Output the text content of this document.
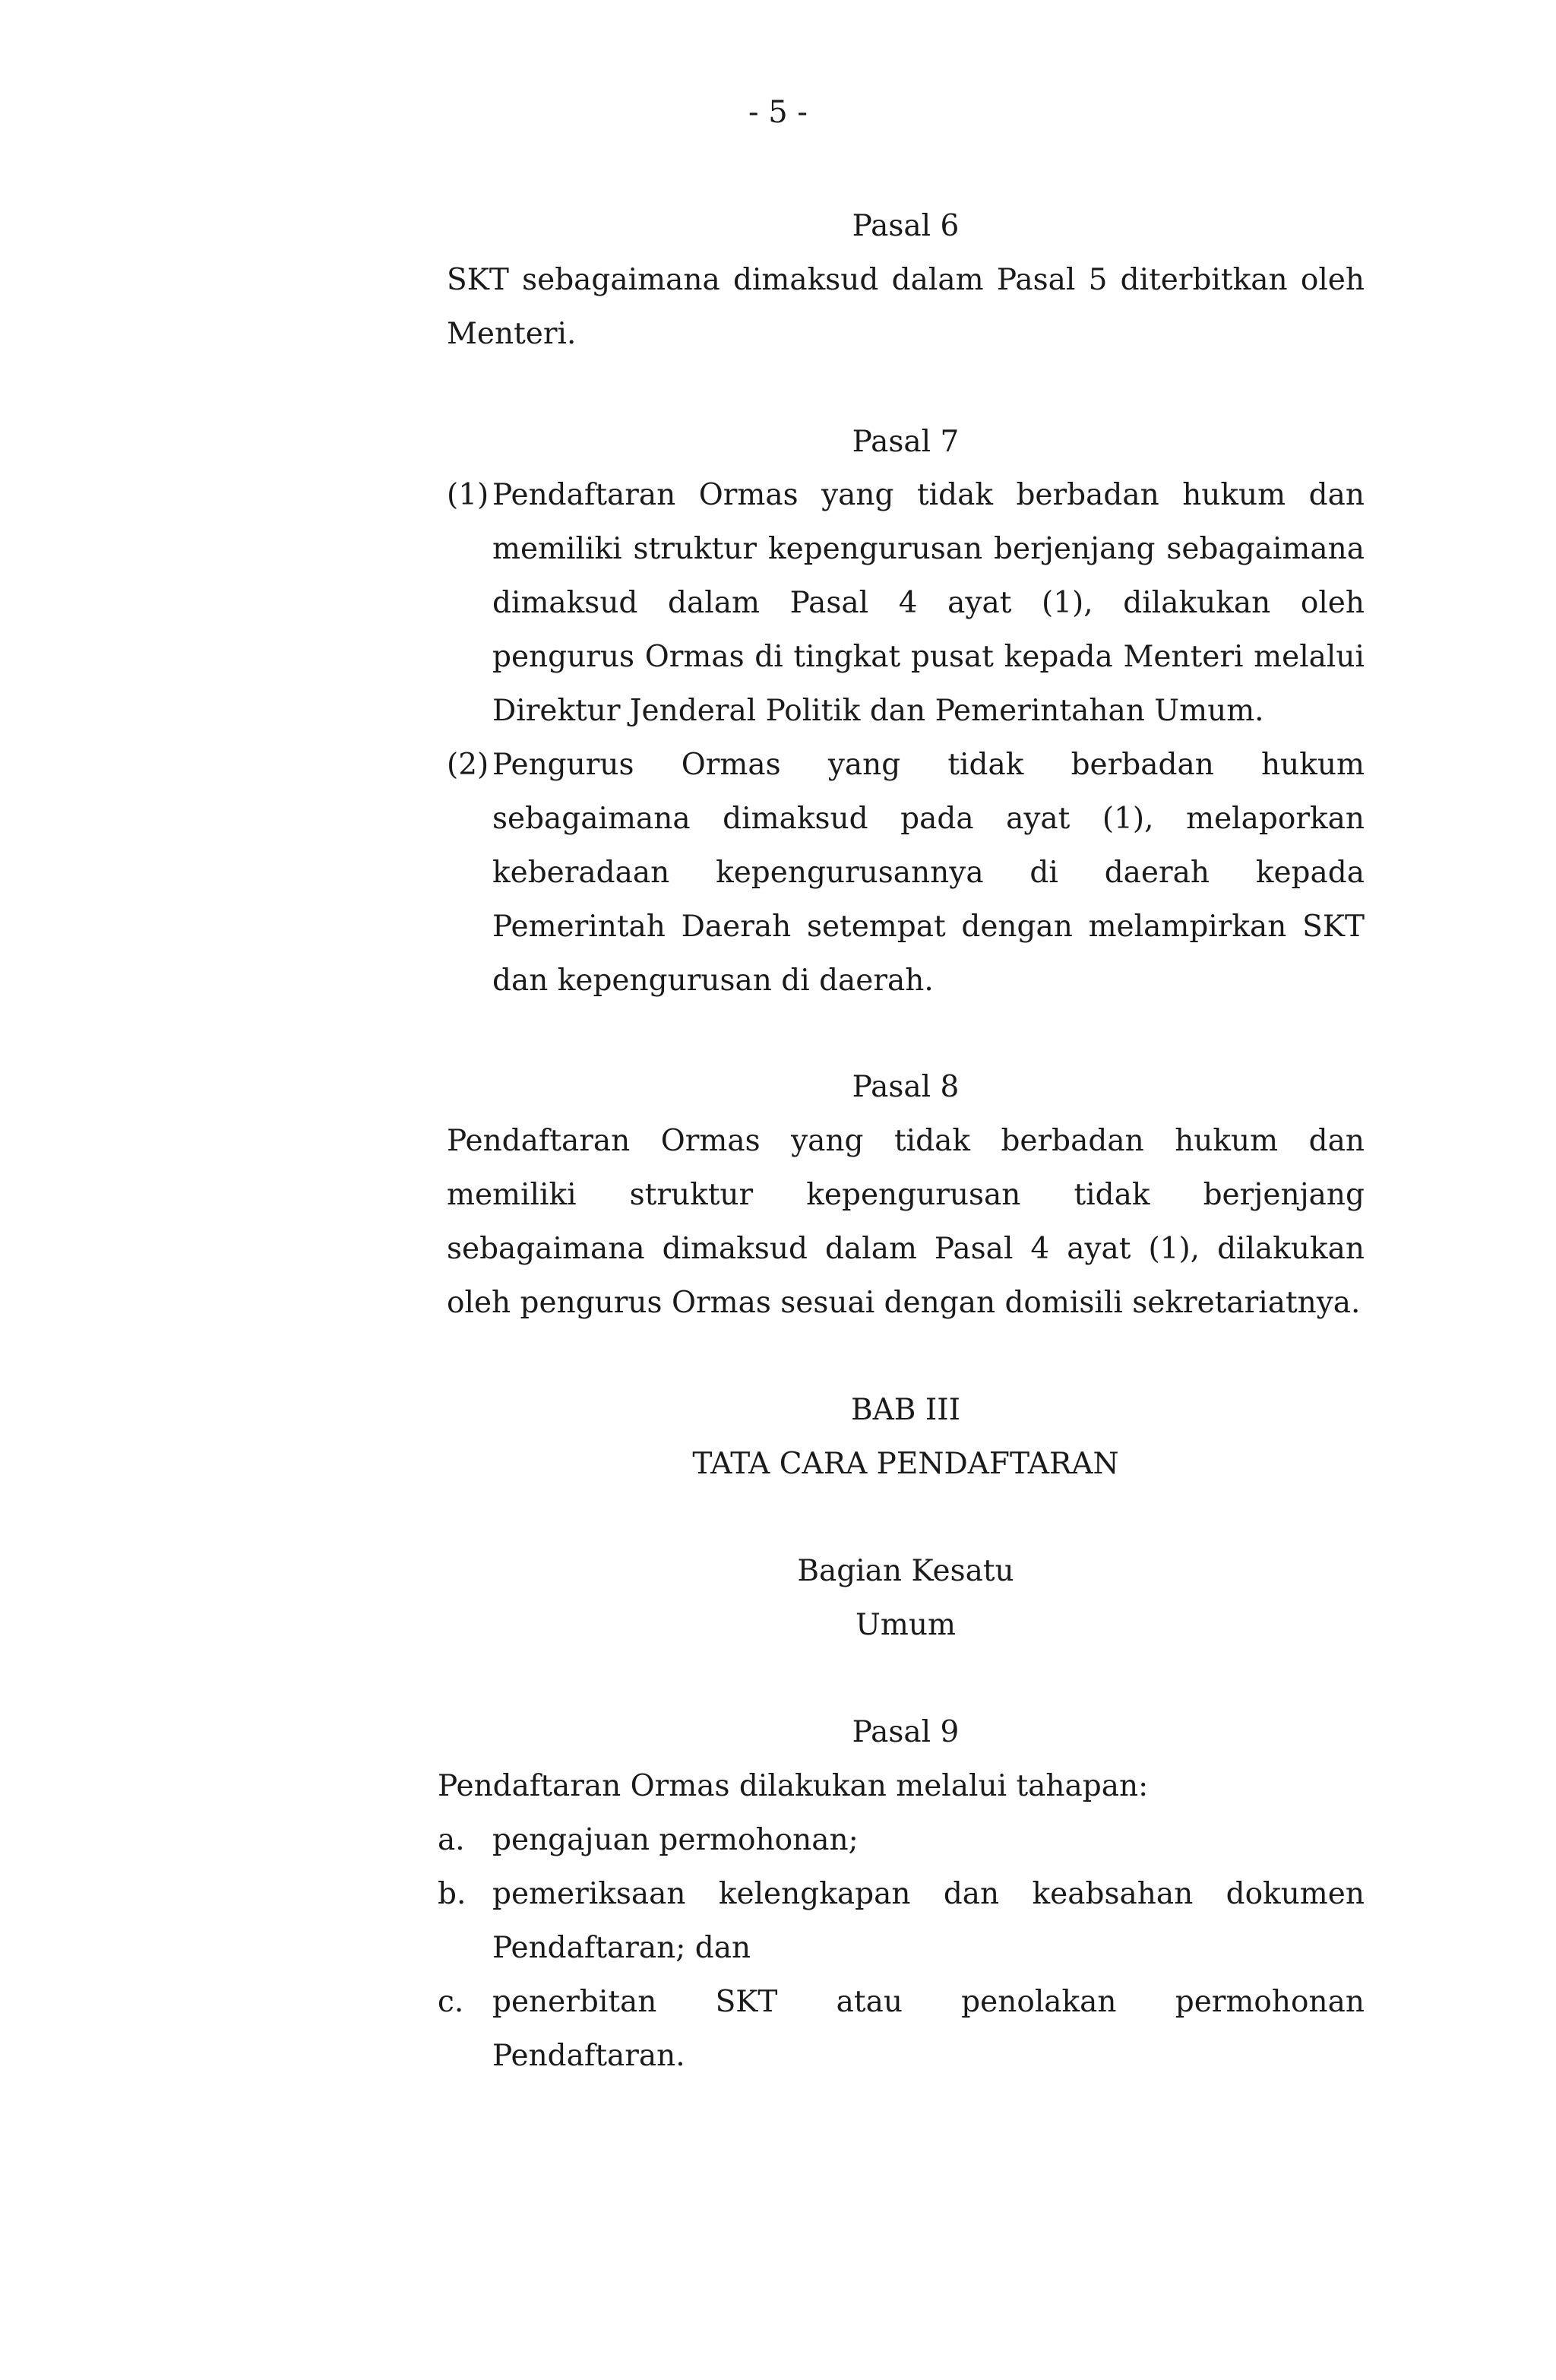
- 5 -
Pasal 6

SKT sebagaimana dimaksud dalam Pasal 5 diterbitkan oleh Menteri.

Pasal 7
(1) Pendaftaran Ormas yang tidak berbadan hukum dan memiliki struktur kepengurusan berjenjang sebagaimana dimaksud dalam Pasal 4 ayat (1), dilakukan oleh pengurus Ormas di tingkat pusat kepada Menteri melalui Direktur Jenderal Politik dan Pemerintahan Umum.
(2) Pengurus Ormas yang tidak berbadan hukum sebagaimana dimaksud pada ayat (1), melaporkan keberadaan kepengurusannya di daerah kepada Pemerintah Daerah setempat dengan melampirkan SKT dan kepengurusan di daerah.
Pasal 8

Pendaftaran Ormas yang tidak berbadan hukum dan memiliki struktur kepengurusan tidak berjenjang sebagaimana dimaksud dalam Pasal 4 ayat (1), dilakukan oleh pengurus Ormas sesuai dengan domisili sekretariatnya.

BAB III
TATA CARA PENDAFTARAN
Bagian Kesatu
Umum
Pasal 9

Pendaftaran Ormas dilakukan melalui tahapan:

a. pengajuan permohonan;
b. pemeriksaan kelengkapan dan keabsahan dokumen Pendaftaran; dan
c. penerbitan SKT atau penolakan permohonan Pendaftaran.
